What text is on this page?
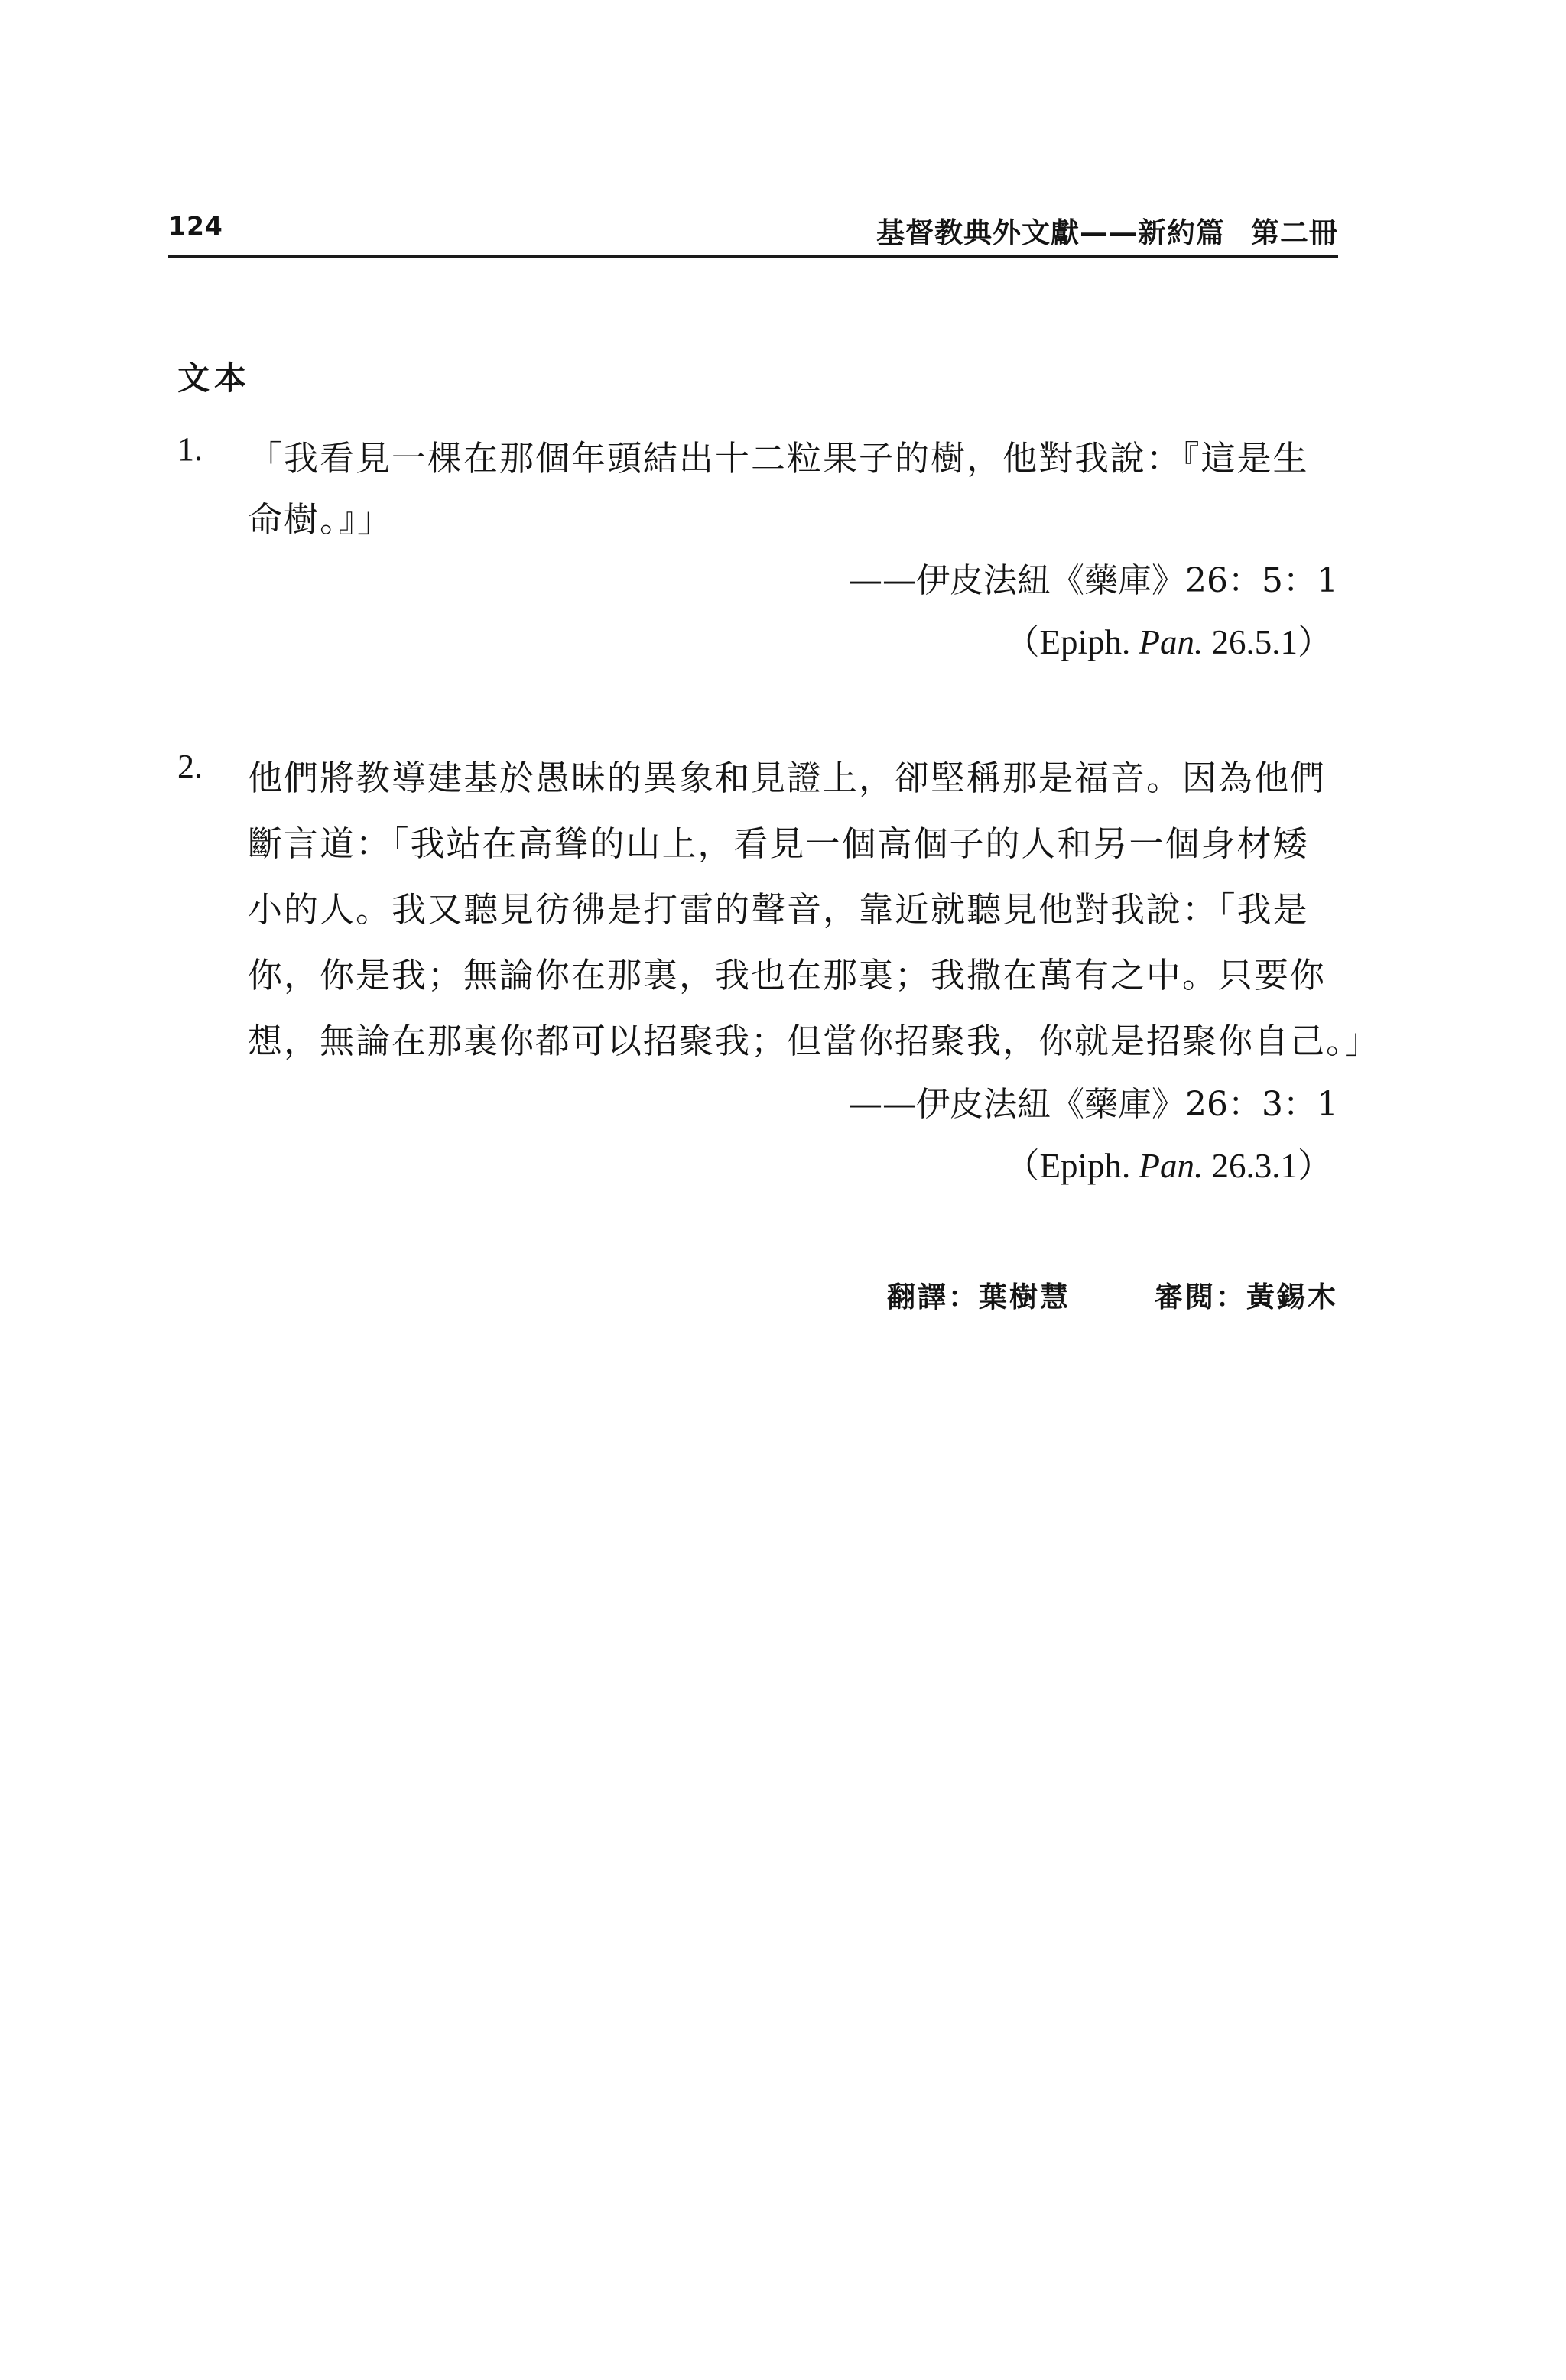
124	基督教典外文獻——新約篇 第二冊
文本
1. 「我看見一棵在那個年頭結出十二粒果子的樹，他對我說：『這是生
命樹。』」
——伊皮法紐《藥庫》26：5：1
（Epiph. Pan. 26.5.1）
2. 他們將教導建基於愚昧的異象和見證上，卻堅稱那是福音。因為他們
斷言道：「我站在高聳的山上，看見一個高個子的人和另一個身材矮
小的人。我又聽見彷彿是打雷的聲音，靠近就聽見他對我說：「我是
你，你是我；無論你在那裏，我也在那裏；我撒在萬有之中。只要你
想，無論在那裏你都可以招聚我；但當你招聚我，你就是招聚你自己。」
——伊皮法紐《藥庫》26：3：1
（Epiph. Pan. 26.3.1）
翻譯：葉樹慧	審閱：黃錫木
